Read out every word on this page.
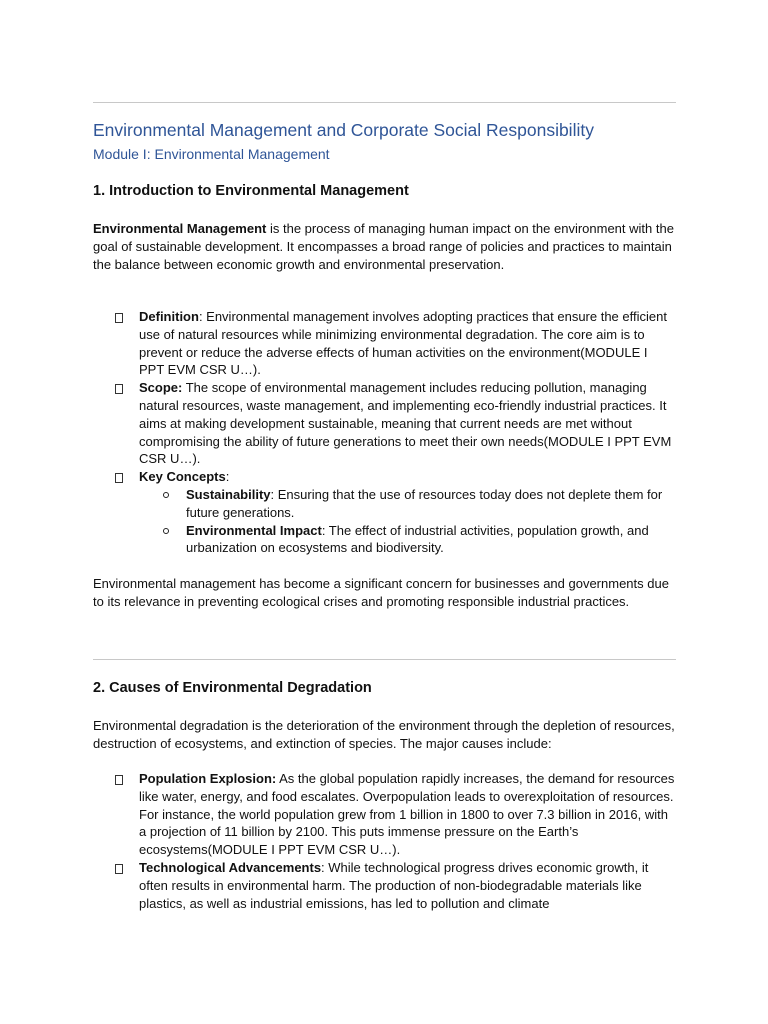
Environmental Management and Corporate Social Responsibility
Module I: Environmental Management
1. Introduction to Environmental Management

Environmental Management is the process of managing human impact on the environment with the goal of sustainable development. It encompasses a broad range of policies and practices to maintain the balance between economic growth and environmental preservation.

Definition: Environmental management involves adopting practices that ensure the efficient use of natural resources while minimizing environmental degradation. The core aim is to prevent or reduce the adverse effects of human activities on the environment(MODULE I PPT EVM CSR U…).
Scope: The scope of environmental management includes reducing pollution, managing natural resources, waste management, and implementing eco-friendly industrial practices. It aims at making development sustainable, meaning that current needs are met without compromising the ability of future generations to meet their own needs(MODULE I PPT EVM CSR U…).
Key Concepts:
Sustainability: Ensuring that the use of resources today does not deplete them for future generations.
Environmental Impact: The effect of industrial activities, population growth, and urbanization on ecosystems and biodiversity.

Environmental management has become a significant concern for businesses and governments due to its relevance in preventing ecological crises and promoting responsible industrial practices.

2. Causes of Environmental Degradation

Environmental degradation is the deterioration of the environment through the depletion of resources, destruction of ecosystems, and extinction of species. The major causes include:

Population Explosion: As the global population rapidly increases, the demand for resources like water, energy, and food escalates. Overpopulation leads to overexploitation of resources. For instance, the world population grew from 1 billion in 1800 to over 7.3 billion in 2016, with a projection of 11 billion by 2100. This puts immense pressure on the Earth’s ecosystems(MODULE I PPT EVM CSR U…).
Technological Advancements: While technological progress drives economic growth, it often results in environmental harm. The production of non-biodegradable materials like plastics, as well as industrial emissions, has led to pollution and climate
